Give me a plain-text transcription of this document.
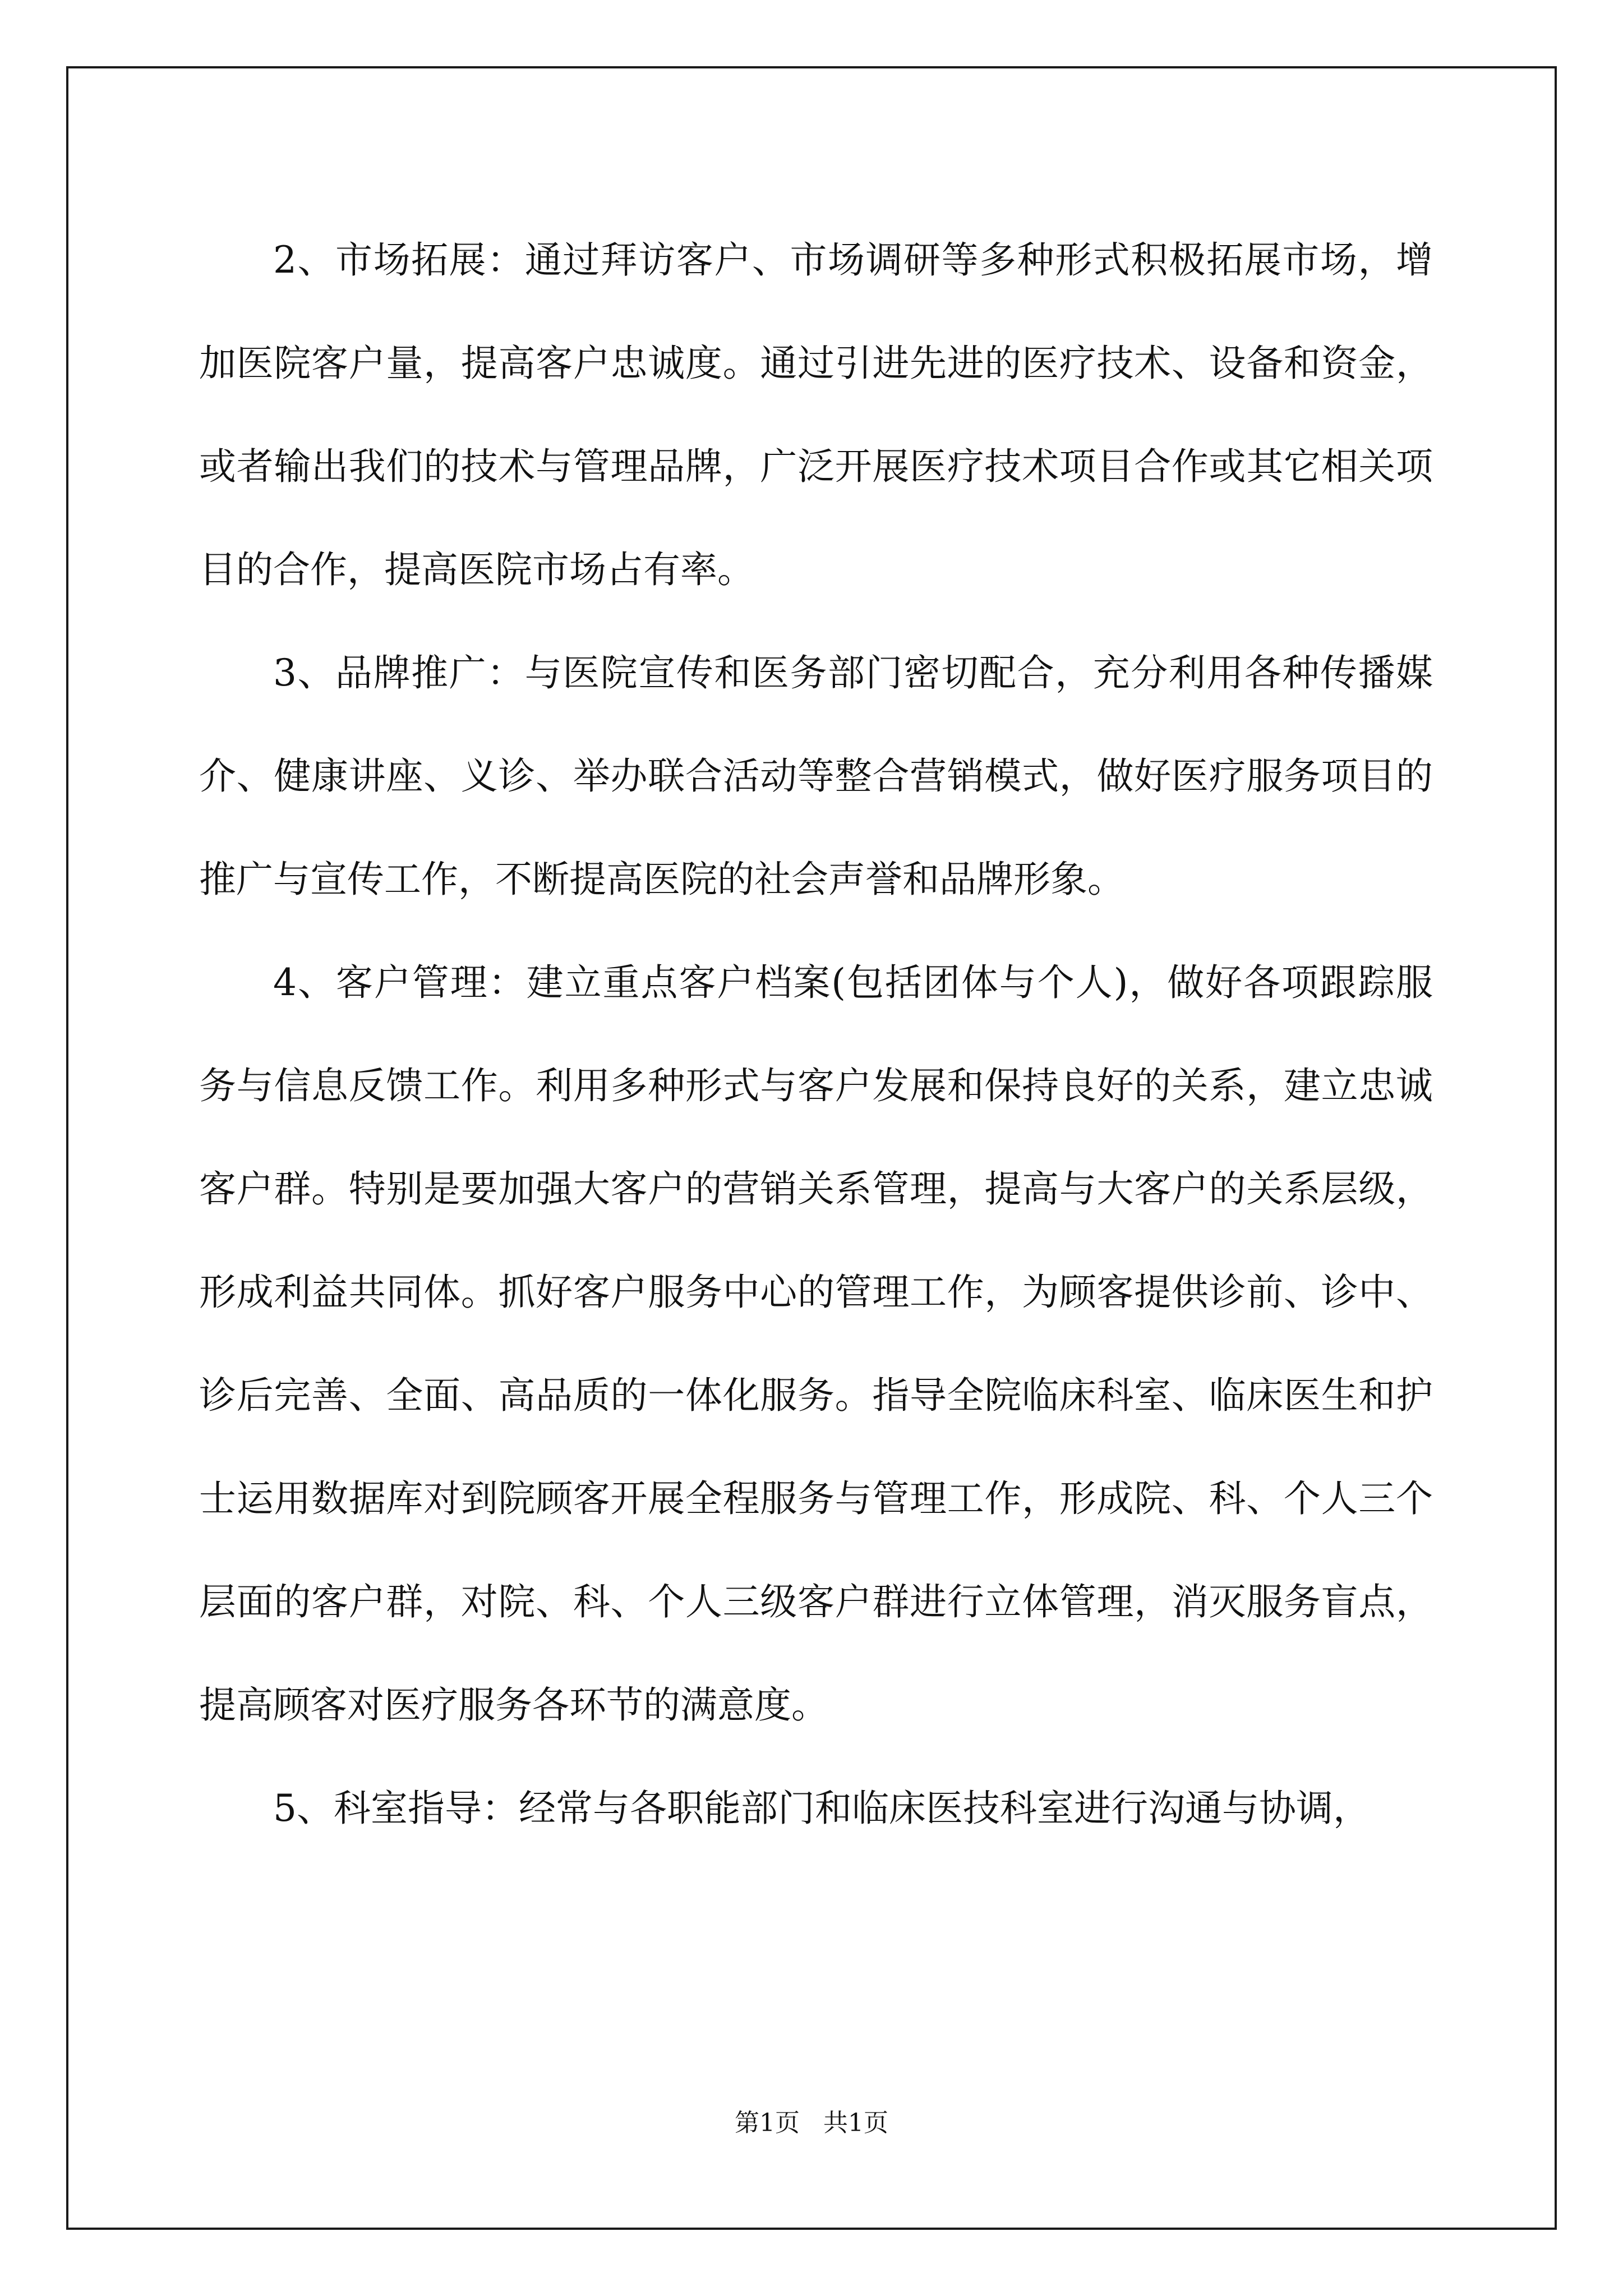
2、市场拓展：通过拜访客户、市场调研等多种形式积极拓展市场，增加医院客户量，提高客户忠诚度。通过引进先进的医疗技术、设备和资金，或者输出我们的技术与管理品牌，广泛开展医疗技术项目合作或其它相关项目的合作，提高医院市场占有率。

3、品牌推广：与医院宣传和医务部门密切配合，充分利用各种传播媒介、健康讲座、义诊、举办联合活动等整合营销模式，做好医疗服务项目的推广与宣传工作，不断提高医院的社会声誉和品牌形象。

4、客户管理：建立重点客户档案(包括团体与个人)，做好各项跟踪服务与信息反馈工作。利用多种形式与客户发展和保持良好的关系，建立忠诚客户群。特别是要加强大客户的营销关系管理，提高与大客户的关系层级，形成利益共同体。抓好客户服务中心的管理工作，为顾客提供诊前、诊中、诊后完善、全面、高品质的一体化服务。指导全院临床科室、临床医生和护士运用数据库对到院顾客开展全程服务与管理工作，形成院、科、个人三个层面的客户群，对院、科、个人三级客户群进行立体管理，消灭服务盲点，提高顾客对医疗服务各环节的满意度。

5、科室指导：经常与各职能部门和临床医技科室进行沟通与协调，

第1页 共1页
